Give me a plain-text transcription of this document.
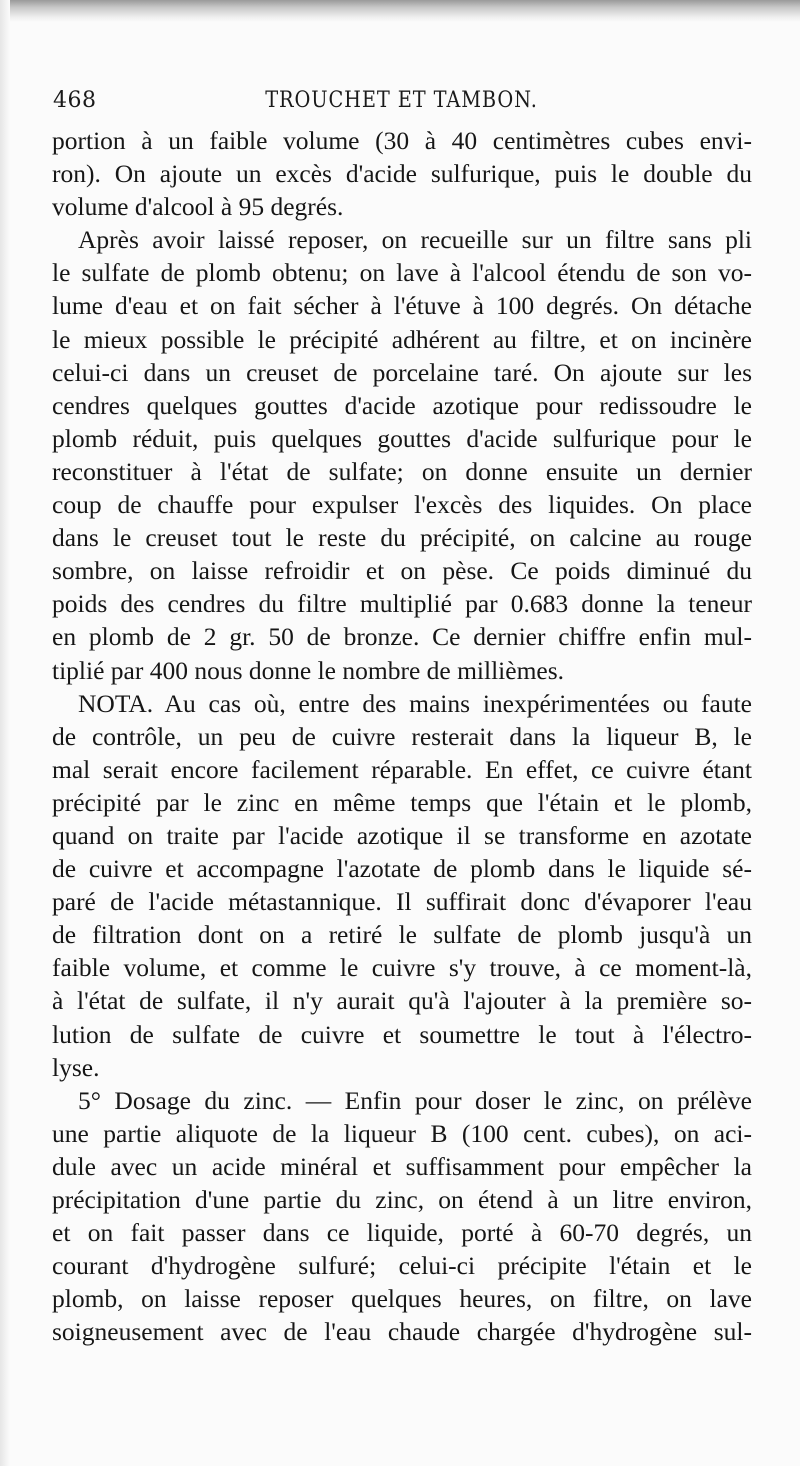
468	TROUCHET ET TAMBON.
portion à un faible volume (30 à 40 centimètres cubes envi-
ron). On ajoute un excès d'acide sulfurique, puis le double du
volume d'alcool à 95 degrés.
Après avoir laissé reposer, on recueille sur un filtre sans pli
le sulfate de plomb obtenu; on lave à l'alcool étendu de son vo-
lume d'eau et on fait sécher à l'étuve à 100 degrés. On détache
le mieux possible le précipité adhérent au filtre, et on incinère
celui-ci dans un creuset de porcelaine taré. On ajoute sur les
cendres quelques gouttes d'acide azotique pour redissoudre le
plomb réduit, puis quelques gouttes d'acide sulfurique pour le
reconstituer à l'état de sulfate; on donne ensuite un dernier
coup de chauffe pour expulser l'excès des liquides. On place
dans le creuset tout le reste du précipité, on calcine au rouge
sombre, on laisse refroidir et on pèse. Ce poids diminué du
poids des cendres du filtre multiplié par 0.683 donne la teneur
en plomb de 2 gr. 50 de bronze. Ce dernier chiffre enfin mul-
tiplié par 400 nous donne le nombre de millièmes.
NOTA. Au cas où, entre des mains inexpérimentées ou faute
de contrôle, un peu de cuivre resterait dans la liqueur B, le
mal serait encore facilement réparable. En effet, ce cuivre étant
précipité par le zinc en même temps que l'étain et le plomb,
quand on traite par l'acide azotique il se transforme en azotate
de cuivre et accompagne l'azotate de plomb dans le liquide sé-
paré de l'acide métastannique. Il suffirait donc d'évaporer l'eau
de filtration dont on a retiré le sulfate de plomb jusqu'à un
faible volume, et comme le cuivre s'y trouve, à ce moment-là,
à l'état de sulfate, il n'y aurait qu'à l'ajouter à la première so-
lution de sulfate de cuivre et soumettre le tout à l'électro-
lyse.
5° Dosage du zinc. — Enfin pour doser le zinc, on prélève
une partie aliquote de la liqueur B (100 cent. cubes), on aci-
dule avec un acide minéral et suffisamment pour empêcher la
précipitation d'une partie du zinc, on étend à un litre environ,
et on fait passer dans ce liquide, porté à 60-70 degrés, un
courant d'hydrogène sulfuré; celui-ci précipite l'étain et le
plomb, on laisse reposer quelques heures, on filtre, on lave
soigneusement avec de l'eau chaude chargée d'hydrogène sul-
